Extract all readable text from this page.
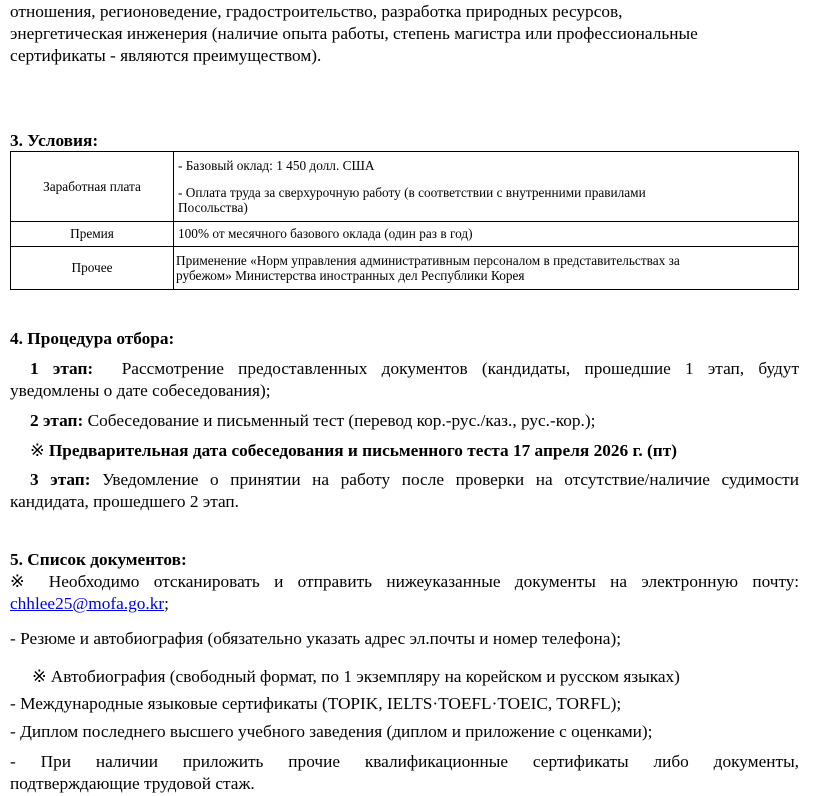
отношения, регионоведение, градостроительство, разработка природных ресурсов,
энергетическая инженерия (наличие опыта работы, степень магистра или профессиональные
сертификаты - являются преимуществом).
3. Условия:
Заработная плата	- Базовый оклад: 1 450 долл. США
- Оплата труда за сверхурочную работу (в соответствии с внутренними правилами
Посольства)

Премия	100% от месячного базового оклада (один раз в год)
Прочее	Применение «Норм управления административным персоналом в представительствах за
рубежом» Министерства иностранных дел Республики Корея
4. Процедура отбора:
1 этап: Рассмотрение предоставленных документов (кандидаты, прошедшие 1 этап, будут
уведомлены о дате собеседования);
2 этап: Собеседование и письменный тест (перевод кор.-рус./каз., рус.-кор.);
※ Предварительная дата собеседования и письменного теста 17 апреля 2026 г. (пт)
3 этап: Уведомление о принятии на работу после проверки на отсутствие/наличие судимости
кандидата, прошедшего 2 этап.
5. Список документов:
※ Необходимо отсканировать и отправить нижеуказанные документы на электронную почту:
chhlee25@mofa.go.kr;
- Резюме и автобиография (обязательно указать адрес эл.почты и номер телефона);
※ Автобиография (свободный формат, по 1 экземпляру на корейском и русском языках)
- Международные языковые сертификаты (TOPIK, IELTS·TOEFL·TOEIC, TORFL);
- Диплом последнего высшего учебного заведения (диплом и приложение с оценками);
- При наличии приложить прочие квалификационные сертификаты либо документы,
подтверждающие трудовой стаж.
